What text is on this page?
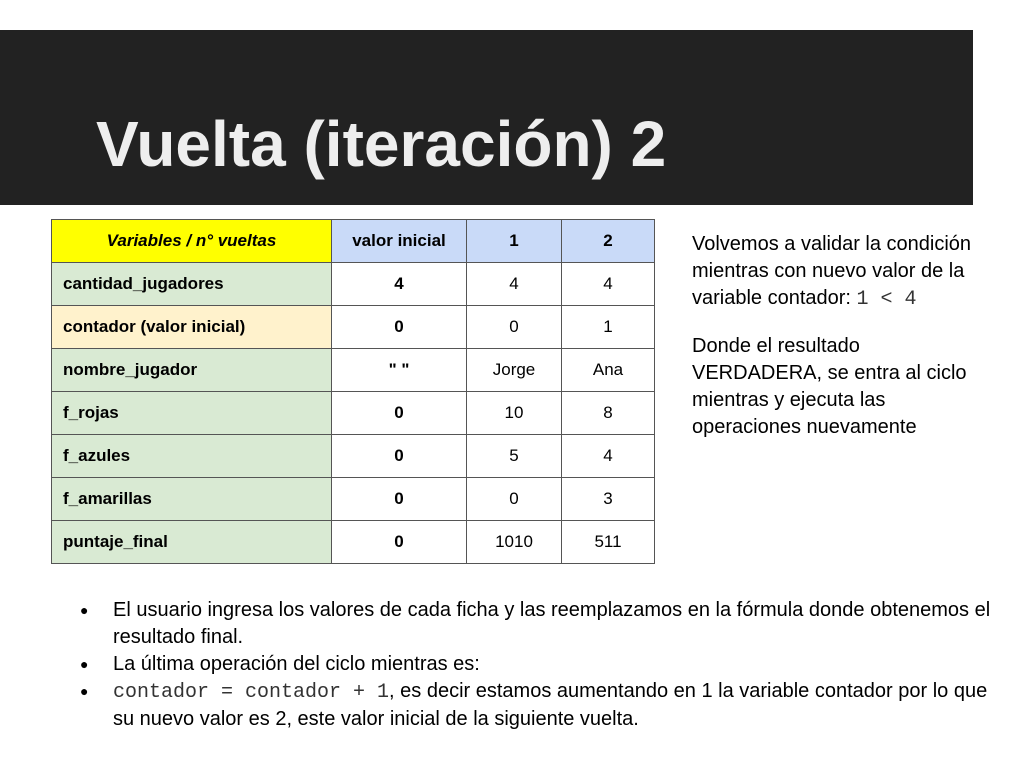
Vuelta (iteración) 2
Variables / n° vueltas	valor inicial	1	2
cantidad_jugadores	4	4	4
contador (valor inicial)	0	0	1
nombre_jugador	" "	Jorge	Ana
f_rojas	0	10	8
f_azules	0	5	4
f_amarillas	0	0	3
puntaje_final	0	1010	511

Volvemos a validar la condición mientras con nuevo valor de la variable contador: 1 < 4

Donde el resultado VERDADERA, se entra al ciclo mientras y ejecuta las operaciones nuevamente

● El usuario ingresa los valores de cada ficha y las reemplazamos en la fórmula donde obtenemos el resultado final.
● La última operación del ciclo mientras es:
● contador = contador + 1, es decir estamos aumentando en 1 la variable contador por lo que su nuevo valor es 2, este valor inicial de la siguiente vuelta.
